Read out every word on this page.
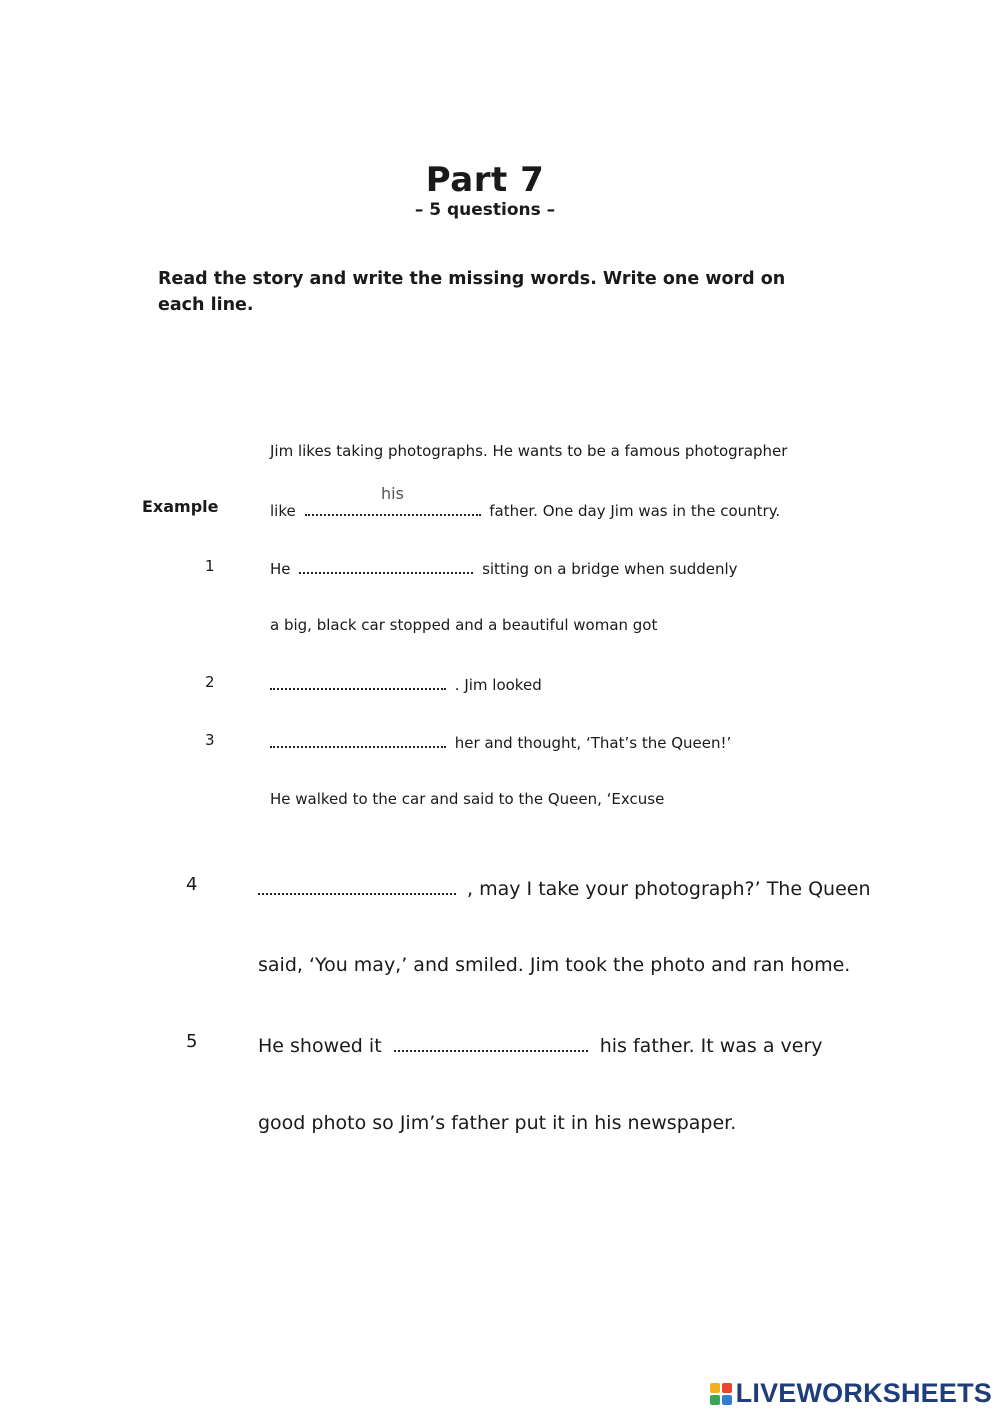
Part 7
– 5 questions –
Read the story and write the missing words. Write one word on each line.
Jim likes taking photographs. He wants to be a famous photographer
Example	like
his
father. One day Jim was in the country.
1	He	sitting on a bridge when suddenly
a big, black car stopped and a beautiful woman got
2	. Jim looked
3	her and thought, ‘That’s the Queen!’
He walked to the car and said to the Queen, ‘Excuse
4	, may I take your photograph?’ The Queen
said, ‘You may,’ and smiled. Jim took the photo and ran home.
5	He showed it	his father. It was a very
good photo so Jim’s father put it in his newspaper.
LIVEWORKSHEETS
